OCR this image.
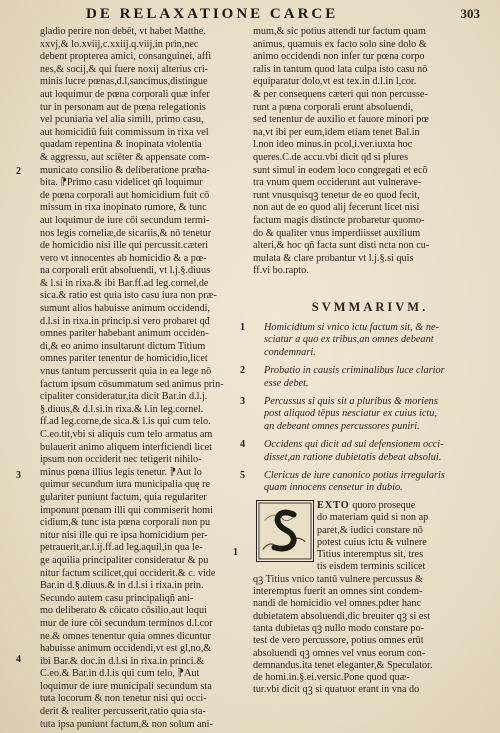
DE RELAXATIONE CARCE	303
gladio perire non debēt, vt habet Matthe.
xxvj,& lo.xviij,c.xxiij.q.viij,in prin,nec
debent propterea amici, consanguinei, affi
nes,& socij,& qui fuere noxij alterius cri-
minis lucre pœnas,d.l,sancimus,distingue
aut loquimur de pœna corporali quæ infer
tur in personam aut de pœna relegationis
vel pcuniaria vel alia simili, primo casu,
aut homicidiū fuit commissum in rixa vel
quadam repentina & inopinata violentia
& aggressu, aut sciēter & appensate com-
municato consilio & deliberatione præha-
bita. ⁋Primo casu videlicet qñ loquimur
de pœna corporali aut homicidium fuit cō
missum in rixa inopinato rumore, & tunc
aut loquimur de iure cōi secundum termi-
nos legis corneliæ,de sicariis,& nō tenetur
de homicidio nisi ille qui percussit.cæteri
vero vt innocentes ab homicidio & a pœ-
na corporali erūt absoluendi, vt l.j.§.diuus
& l.si in rixa.& ibi Bar.ff.ad leg.cornel,de
sica.& ratio est quia isto casu iura non præ-
sumunt alios habuisse animum occidendi,
d.l.si in rixa.in princip.si vero probaret qđ
omnes pariter habebant animum occiden-
di,& eo animo insultarunt dictum Titium
omnes pariter tenentur de homicidio,licet
vnus tantum percusserit quia in ea lege nō
factum ipsum cōsummatum sed animus prin-
cipaliter consideratur,ita dicit Bar.in d.l.j.
§.diuus,& d.l.si.in rixa.& l.in leg.cornel.
ff.ad leg.corne,de sica.& l.is qui cum telo.
C.eo.tit,vbi si aliquis cum telo armatus am
bulauerit animo aliquem interficiendi licet
ipsum non occiderit nec tetigerit nihilo-
minus pœna illius legis tenetur. ⁋Aut lo
quimur secundum iura municipalia quę re
gulariter puniunt factum, quia regulariter
imponunt pœnam illi qui commiserit homi
cidium,& tunc ista pœna corporali non pu
nitur nisi ille qui re ipsa homicidium per-
petrauerit,ar.l.ij.ff.ad leg.aquil,in qua le-
ge aquilia principaliter consideratur & pu
nitur factum scilicet,qui occiderit.& c. vide
Bar.in d.§.diuus.& in d.l.si i rixa.in prin.
Secundo autem casu principaliqñ ani-
mo deliberato & cōicato cōsilio,aut loqui
mur de iure cōi secundum terminos d.l.cor
ne.& omnes tenentur quia omnes dicuntur
habuisse animum occidendi,vt est gl,no,&
ibi Bar.& doc.in d.l.si in rixa.in princi.&
C.eo.& Bar.in d.l.is qui cum telo, ⁋Aut
loquimur de iure municipali secundum sta
tuta locorum & non tenetur nisi qui occi-
derit & realiter percusserit,ratio quia sta-
tuta ipsa puniunt factum,& non solum ani-
2
3
4
mum,& sic potius attendi tur factum quam
animus, quamuis ex facto solo sine dolo &
animo occidendi non infer tur pœna corpo
ralis in tantum quod lata culpa isto casu nō
equiparatur dolo,vt est tex.in d.l.in l,cor.
& per consequens cæteri qui non percusse-
runt a pœna corporali erunt absoluendi,
sed tenentur de auxilio et fauore minori pœ
na,vt ibi per eum,idem etiam tenet Bal.in
l.non ideo minus.in pcol,i.ver.iuxta hoc
queres.C.de accu.vbi dicit qđ si plures
sunt simul in eodem loco congregati et ecō
tra vnum quem occiderunt aut vulnerave-
runt vnusquisqꝫ tenetur de eo quod fecit,
non aut de eo quod alij fecerunt licet nisi
factum magis distincte probaretur quomo-
do & qualiter vnus imperdiisset auxilium
alteri,& hoc qñ facta sunt disti ncta non cu-
mulata & clare probantur vt l.j.§.si quis
ff.vi bo.rapto.
SVMMARIVM.
1 Homicidium si vnico ictu factum sit, & ne-
sciatur a quo ex tribus,an omnes debeant
condemnari.
2 Probatio in causis criminalibus luce clarior
esse debet.
3 Percussus si quis sit a pluribus & moriens
post aliquod tēpus nesciatur ex cuius ictu,
an debeant omnes percussores puniri.
4 Occidens qui dicit ad sui defensionem occi-
disset,an ratione dubietatis debeat absolui.
5 Clericus de iure canonico potius irregularis
quam innocens censetur in dubio.
EXTO quoro proseque
do materiam quid si non ap
paret,& iudici constare nō
potest cuius ictu & vulnere
Titius interemptus sit, tres
tis eisdem terminis scilicet
qꝫ Titius vnico tantū vulnere percussus &
interemptus fuerit an omnes sint condem-
nandi de homicidio vel omnes.pdter hanc
dubietatem absoluendi,dic breuiter qꝫ si est
tanta dubietas qꝫ nullo modo constare po-
test de vero percussore, potius omnes erūt
absoluendi qꝫ omnes vel vnus eorum con-
demnandus.ita tenet eleganter,& Speculator.
de homi.in.§.ei.versic.Pone quod quæ-
tur.vbi dicit qꝫ si quatuor erant in vna do
1
